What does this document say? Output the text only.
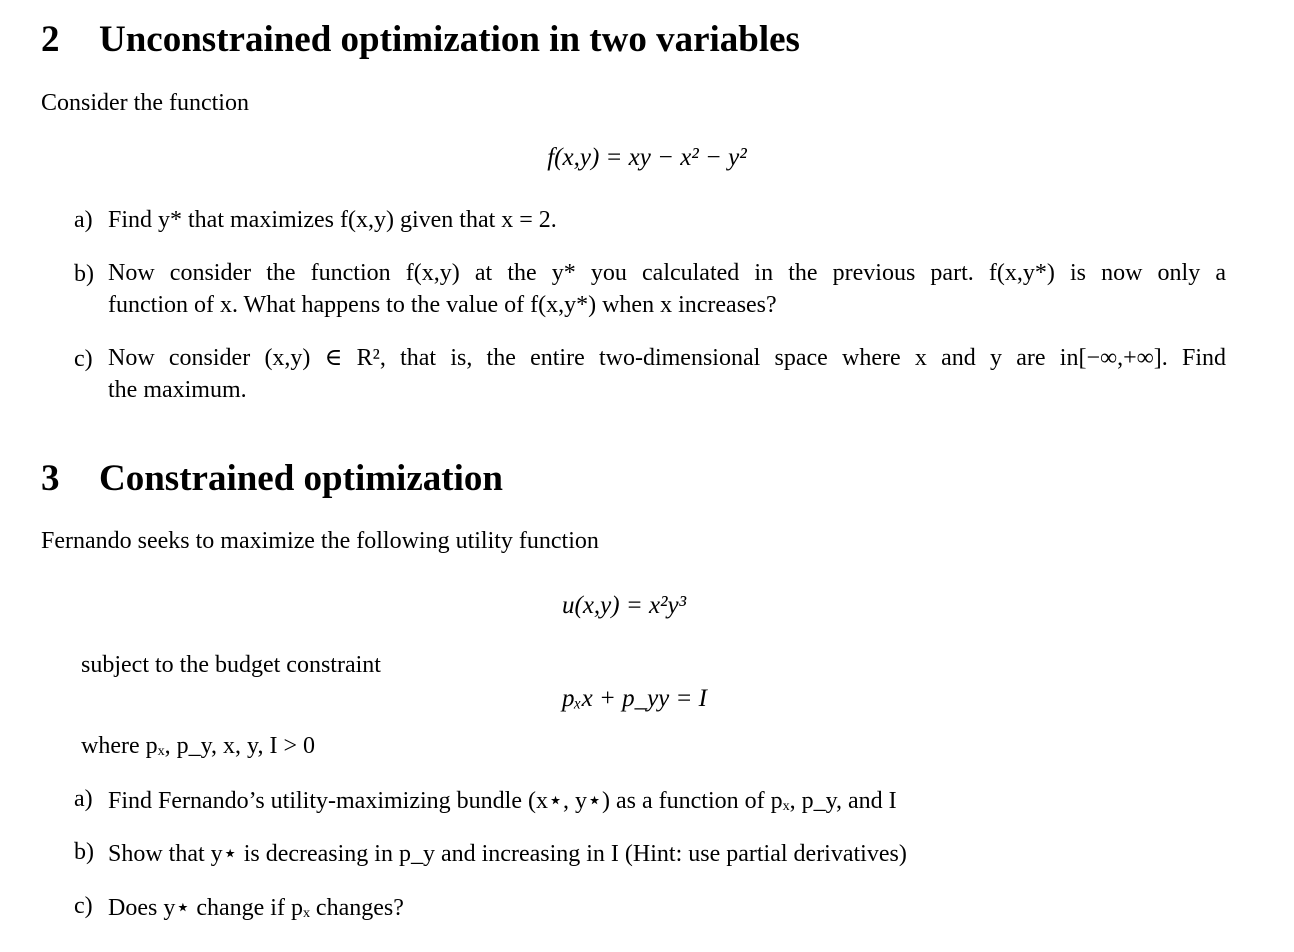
2 Unconstrained optimization in two variables
Consider the function
f(x,y) = xy − x² − y²
a) Find y* that maximizes f(x,y) given that x = 2.
b) Now consider the function f(x,y) at the y* you calculated in the previous part. f(x,y*) is now only a
function of x. What happens to the value of f(x,y*) when x increases?
c) Now consider (x,y) ∈ R², that is, the entire two-dimensional space where x and y are in[−∞,+∞]. Find
the maximum.
3 Constrained optimization
Fernando seeks to maximize the following utility function
u(x,y) = x²y³
subject to the budget constraint
pₓx + p_yy = I
where pₓ, p_y, x, y, I > 0
a) Find Fernando’s utility-maximizing bundle (x⋆, y⋆) as a function of pₓ, p_y, and I
b) Show that y⋆ is decreasing in p_y and increasing in I (Hint: use partial derivatives)
c) Does y⋆ change if pₓ changes?
